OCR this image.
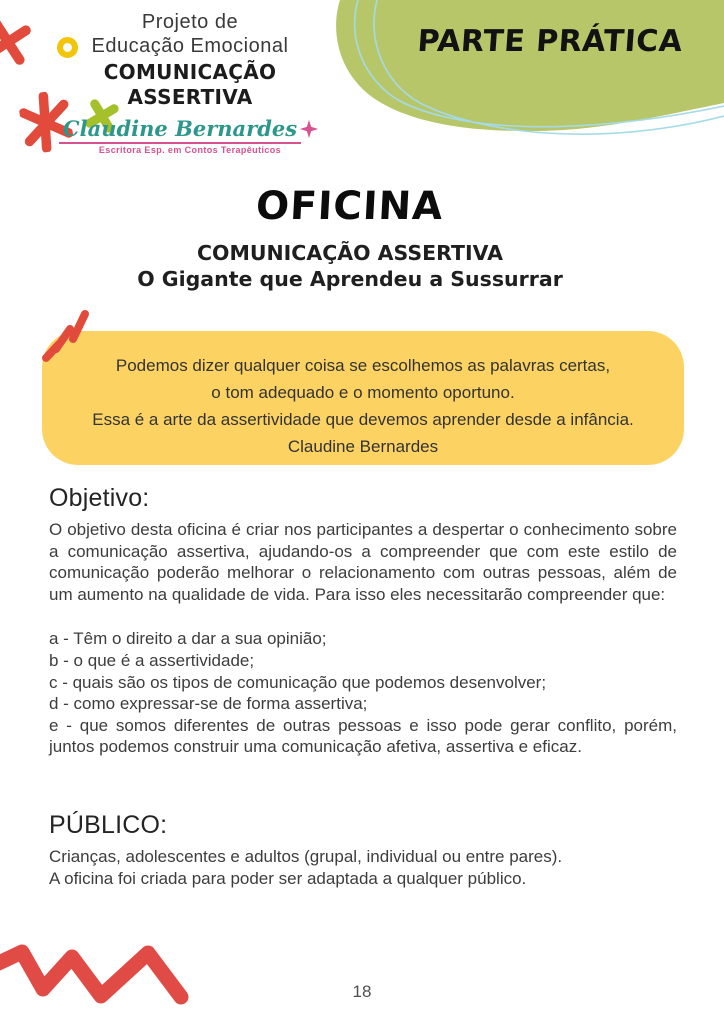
PARTE PRÁTICA
Projeto de
Educação Emocional
COMUNICAÇÃO ASSERTIVA
Claudine Bernardes
Escritora Esp. em Contos Terapêuticos
OFICINA
COMUNICAÇÃO ASSERTIVA
O Gigante que Aprendeu a Sussurrar
Podemos dizer qualquer coisa se escolhemos as palavras certas,
o tom adequado e o momento oportuno.
Essa é a arte da assertividade que devemos aprender desde a infância.
Claudine Bernardes
Objetivo:

O objetivo desta oficina é criar nos participantes a despertar o conhecimento sobre a comunicação assertiva, ajudando-os a compreender que com este estilo de comunicação poderão melhorar o relacionamento com outras pessoas, além de um aumento na qualidade de vida. Para isso eles necessitarão compreender que:

a - Têm o direito a dar a sua opinião;
b - o que é a assertividade;
c - quais são os tipos de comunicação que podemos desenvolver;
d - como expressar-se de forma assertiva;
e - que somos diferentes de outras pessoas e isso pode gerar conflito, porém, juntos podemos construir uma comunicação afetiva, assertiva e eficaz.
PÚBLICO:
Crianças, adolescentes e adultos (grupal, individual ou entre pares).
A oficina foi criada para poder ser adaptada a qualquer público.
18
